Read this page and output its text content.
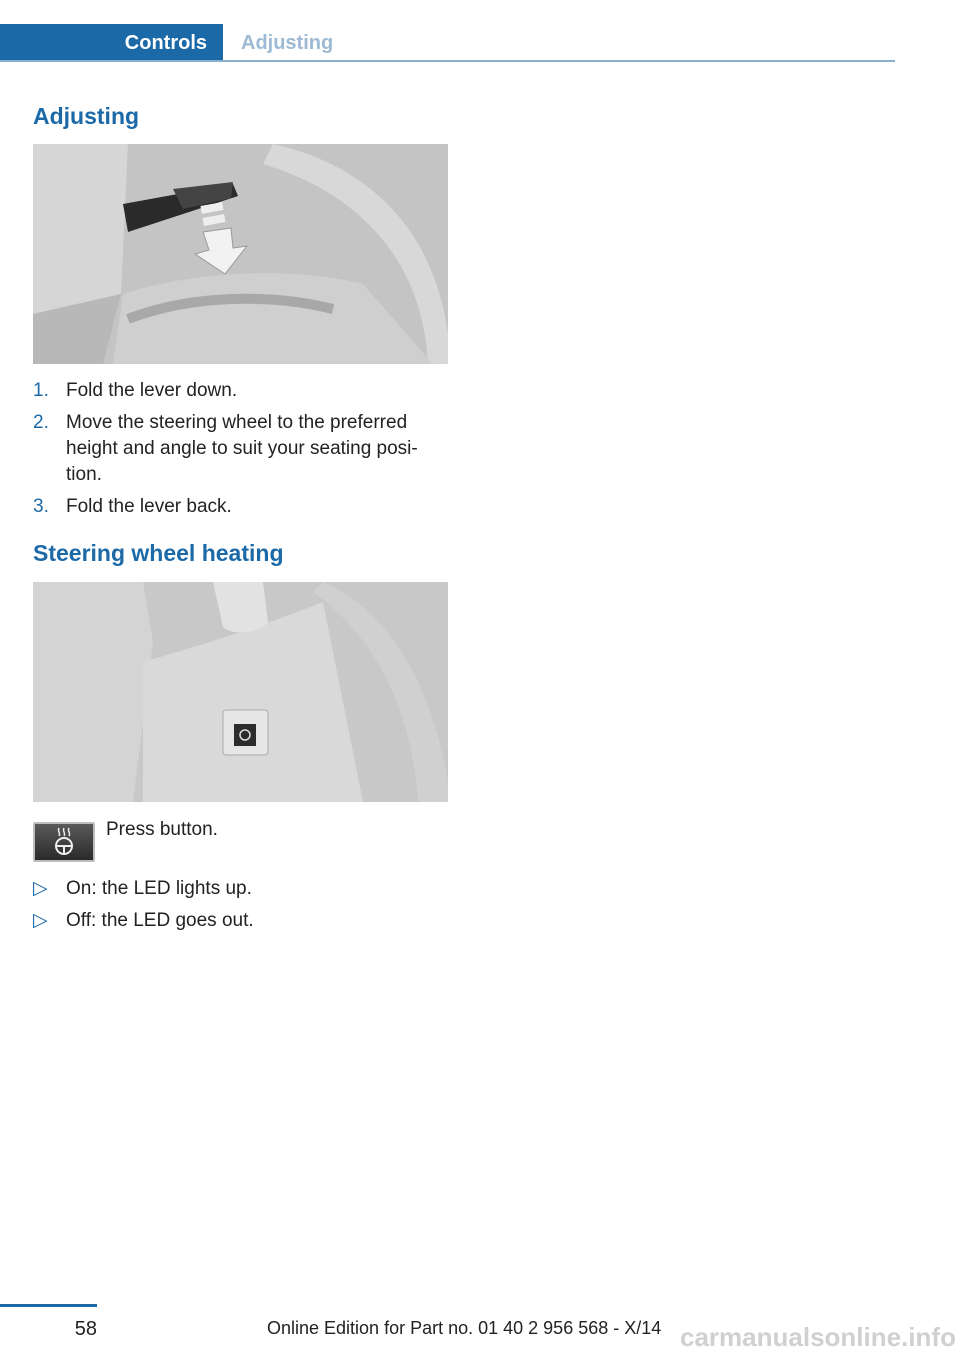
Controls Adjusting
Adjusting
1. Fold the lever down.
2. Move the steering wheel to the preferred height and angle to suit your seating posi‐tion.
3. Fold the lever back.
Steering wheel heating
Press button.
▷ On: the LED lights up.
▷ Off: the LED goes out.
58	Online Edition for Part no. 01 40 2 956 568 - X/14 carmanualsonline.info
